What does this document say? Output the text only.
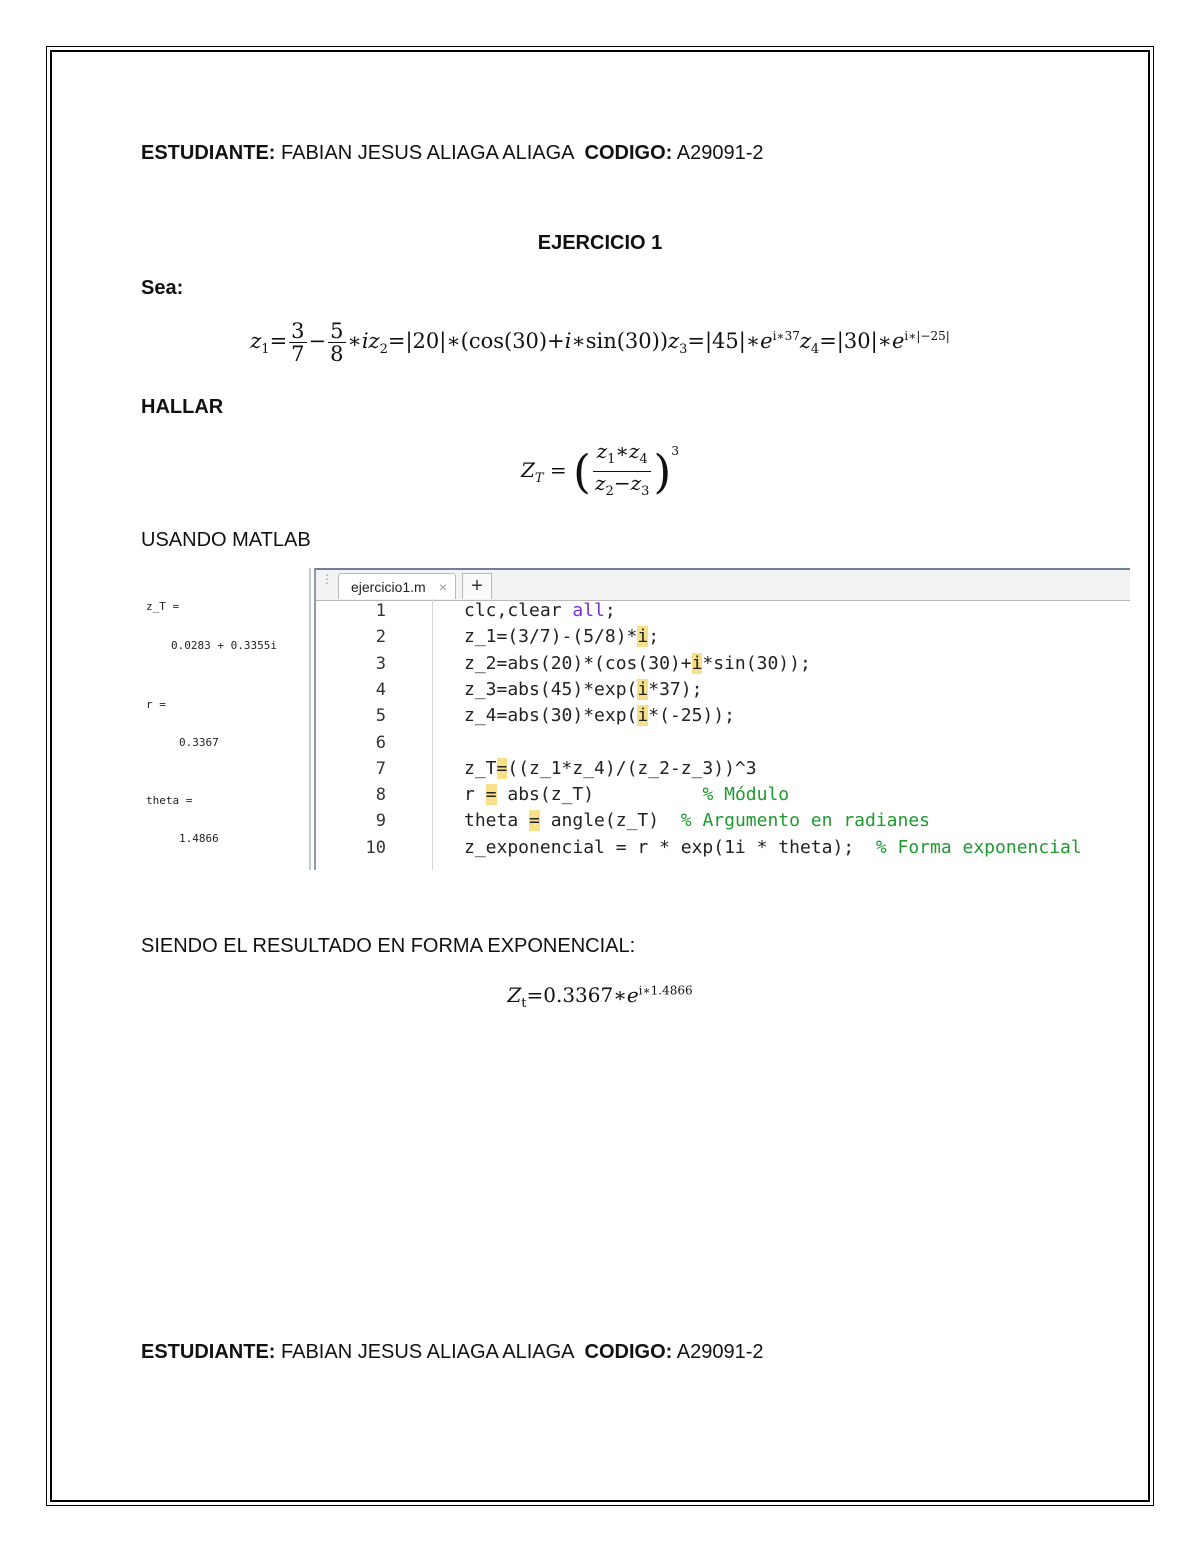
ESTUDIANTE: FABIAN JESUS ALIAGA ALIAGA CODIGO: A29091-2
EJERCICIO 1
Sea:
$z_1= \frac{3}{7} - \frac{5}{8}$ $∗iz_2=|20|∗(\cos(30)+i∗\sin(30))z_3=|45|∗e^{i∗37}z_4=|30|∗e^{i∗|-25|}$
HALLAR
$Z_T$ = ( $\frac{z_1∗z_4}{z_2-z_3} )^3$
USANDO MATLAB
z_T =
0.0283 + 0.3355i
r =
0.3367
theta =
1.4866
⋮	ejercicio1.m ×	+
1	clc,clear all;
2	z_1=(3/7)-(5/8)*i;
3	z_2=abs(20)*(cos(30)+i*sin(30));
4	z_3=abs(45)*exp(i*37);
5	z_4=abs(30)*exp(i*(-25));
6
7	z_T=((z_1*z_4)/(z_2-z_3))^3
8	r = abs(z_T)          % Módulo
9	theta = angle(z_T)  % Argumento en radianes
10	z_exponencial = r * exp(1i * theta);  % Forma exponencial
SIENDO EL RESULTADO EN FORMA EXPONENCIAL:
$Z_t=0.3367∗e^{i∗1.4866}$
ESTUDIANTE: FABIAN JESUS ALIAGA ALIAGA CODIGO: A29091-2
